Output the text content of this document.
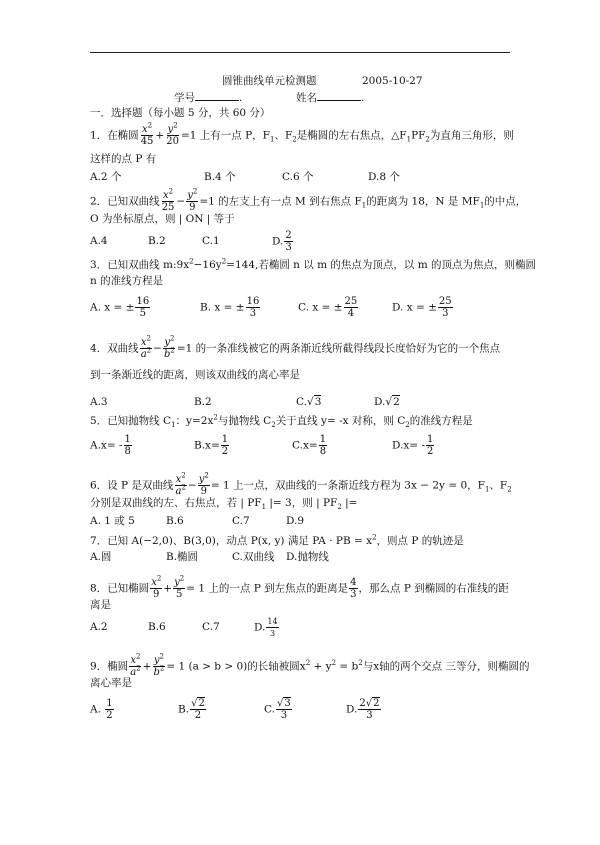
圆锥曲线单元检测题	2005-10-27
学号	.	姓名	.
一．选择题（每小题 5 分，共 60 分）
1．在椭圆 $\frac{x^2}{45} + \frac{y^2}{20} =1$ 上有一点 P，$F_1$、$F_2$是椭圆的左右焦点，$\triangle F_1PF_2$为直角三角形，则
这样的点 P 有
A.2 个	B.4 个	C.6 个	D.8 个
2．已知双曲线 $\frac{x^2}{25} - \frac{y^2}{9} =1$ 的左支上有一点 M 到右焦点 $F_1$的距离为 18，N 是 $MF_1$的中点，
O 为坐标原点，则 | ON | 等于
A.4	B.2	C.1	D. $\frac{2}{3}$
3．已知双曲线 $m:9x^2-16y^2=144$,若椭圆 n 以 m 的焦点为顶点，以 m 的顶点为焦点，则椭圆
n 的准线方程是
A. x = ± $\frac{16}{5}$	B. x = ± $\frac{16}{3}$	C. x = ± $\frac{25}{4}$	D. x = ± $\frac{25}{3}$
4．双曲线 $\frac{x^2}{a^2} - \frac{y^2}{b^2} =1$ 的一条准线被它的两条渐近线所截得线段长度恰好为它的一个焦点
到一条渐近线的距离，则该双曲线的离心率是
A.3	B.2	C.√3	D.√2
5．已知抛物线 $C_1$：$y=2x^2$与抛物线 $C_2$关于直线 y= -x 对称，则 $C_2$的准线方程是
$A.x= - \frac{1}{8}$	$B.x= \frac{1}{2}$	$C.x= \frac{1}{8}$	$D.x= - \frac{1}{2}$
6．设 P 是双曲线 $\frac{x^2}{a^2} - \frac{y^2}{9} = 1$ 上一点，双曲线的一条渐近线方程为 3x − 2y = 0，$F_1$、$F_2$
分别是双曲线的左、右焦点，若 | $PF_1$ |= 3，则 | $PF_2$ |=
A. 1 或 5	B.6	C.7	D.9
7．已知 A(−2,0)、B(3,0)，动点 P(x, y) 满足 PA · PB = $x^2$，则点 P 的轨迹是
A.圆	B.椭圆	C.双曲线 D.抛物线
8．已知椭圆 $\frac{x^2}{9} + \frac{y^2}{5} = 1$ 上的一点 P 到左焦点的距离是 $\frac{4}{3}$ ，那么点 P 到椭圆的右准线的距
离是
A.2	B.6	C.7	D. $\frac{14}{3}$
9．椭圆 $\frac{x^2}{a^2} + \frac{y^2}{b^2} = 1$ (a > b > 0)的长轴被圆$x^2 + y^2 = b^2$与x轴的两个交点 三等分，则椭圆的
离心率是
A. $\frac{1}{2}$	B. $\frac{√2}{2}$	C. $\frac{√3}{3}$	D. $\frac{2√2}{3}$
